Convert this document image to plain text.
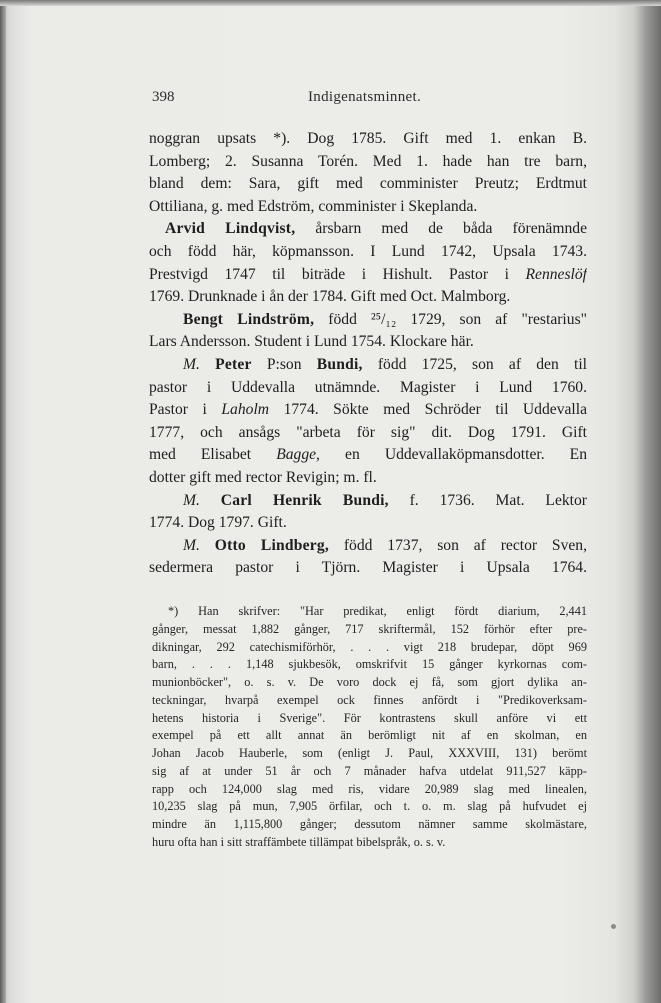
398	Indigenatsminnet.
noggran upsats *). Dog 1785. Gift med 1. enkan B.
Lomberg; 2. Susanna Torén. Med 1. hade han tre barn,
bland dem: Sara, gift med comminister Preutz; Erdtmut
Ottiliana, g. med Edström, comminister i Skeplanda.
Arvid Lindqvist, årsbarn med de båda förenämnde
och född här, köpmansson. I Lund 1742, Upsala 1743.
Prestvigd 1747 til biträde i Hishult. Pastor i Renneslöf
1769. Drunknade i ån der 1784. Gift med Oct. Malmborg.
Bengt Lindström, född ²⁵/₁₂ 1729, son af "restarius"
Lars Andersson. Student i Lund 1754. Klockare här.
M. Peter P:son Bundi, född 1725, son af den til
pastor i Uddevalla utnämnde. Magister i Lund 1760.
Pastor i Laholm 1774. Sökte med Schröder til Uddevalla
1777, och ansågs "arbeta för sig" dit. Dog 1791. Gift
med Elisabet Bagge, en Uddevallaköpmansdotter. En
dotter gift med rector Revigin; m. fl.
M. Carl Henrik Bundi, f. 1736. Mat. Lektor
1774. Dog 1797. Gift.
M. Otto Lindberg, född 1737, son af rector Sven,
sedermera pastor i Tjörn. Magister i Upsala 1764.
*) Han skrifver: "Har predikat, enligt fördt diarium, 2,441
gånger, messat 1,882 gånger, 717 skriftermål, 152 förhör efter pre-
dikningar, 292 catechismiförhör, . . . vigt 218 brudepar, döpt 969
barn, . . . 1,148 sjukbesök, omskrifvit 15 gånger kyrkornas com-
munionböcker", o. s. v. De voro dock ej få, som gjort dylika an-
teckningar, hvarpå exempel ock finnes anfördt i "Predikoverksam-
hetens historia i Sverige". För kontrastens skull anföre vi ett
exempel på ett allt annat än berömligt nit af en skolman, en
Johan Jacob Hauberle, som (enligt J. Paul, XXXVIII, 131) berömt
sig af at under 51 år och 7 månader hafva utdelat 911,527 käpp-
rapp och 124,000 slag med ris, vidare 20,989 slag med linealen,
10,235 slag på mun, 7,905 örfilar, och t. o. m. slag på hufvudet ej
mindre än 1,115,800 gånger; dessutom nämner samme skolmästare,
huru ofta han i sitt straffämbete tillämpat bibelspråk, o. s. v.
